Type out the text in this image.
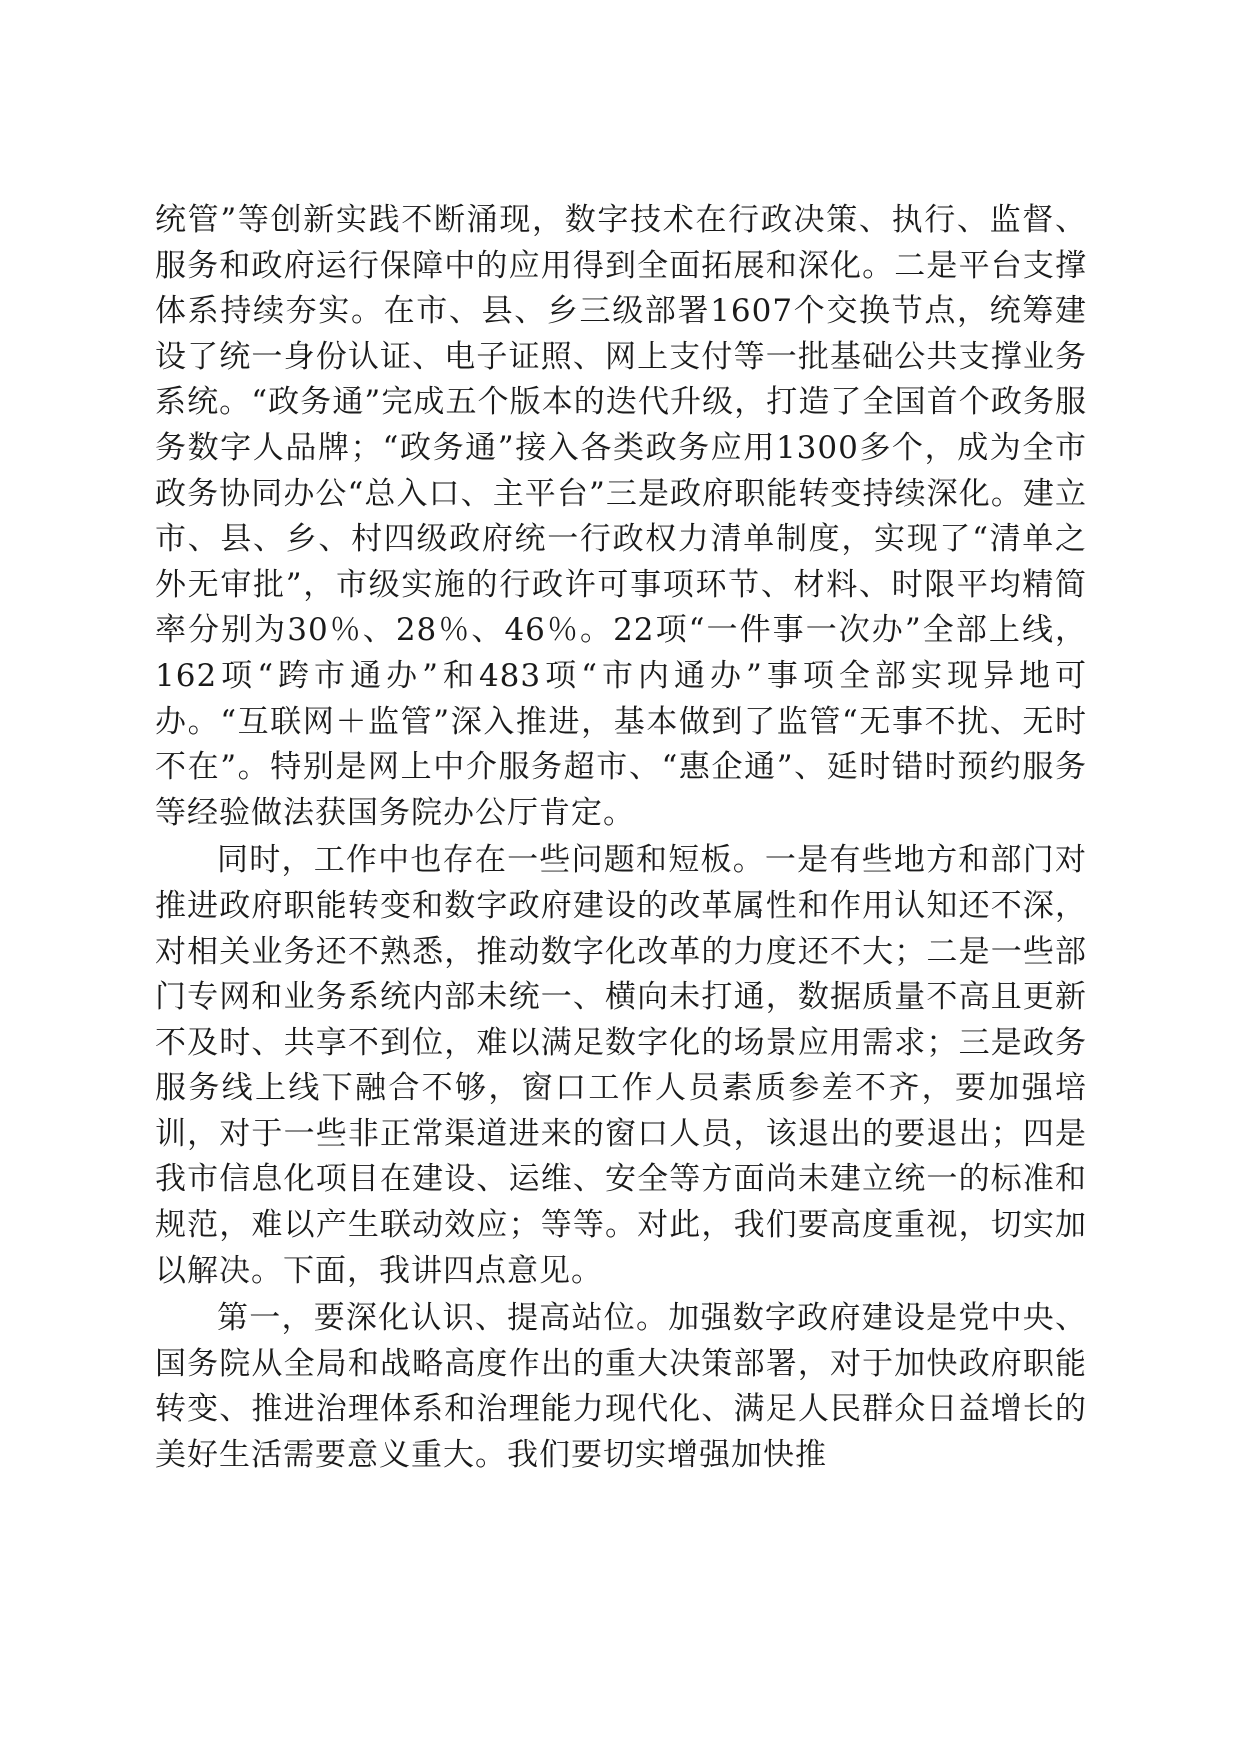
统管”等创新实践不断涌现，数字技术在行政决策、执行、监督、服务和政府运行保障中的应用得到全面拓展和深化。二是平台支撑体系持续夯实。在市、县、乡三级部署1607个交换节点，统筹建设了统一身份认证、电子证照、网上支付等一批基础公共支撑业务系统。“政务通”完成五个版本的迭代升级，打造了全国首个政务服务数字人品牌；“政务通”接入各类政务应用1300多个，成为全市政务协同办公“总入口、主平台”三是政府职能转变持续深化。建立市、县、乡、村四级政府统一行政权力清单制度，实现了“清单之外无审批”，市级实施的行政许可事项环节、材料、时限平均精简率分别为30％、28％、46％。22项“一件事一次办”全部上线，162项“跨市通办”和483项“市内通办”事项全部实现异地可办。“互联网＋监管”深入推进，基本做到了监管“无事不扰、无时不在”。特别是网上中介服务超市、“惠企通”、延时错时预约服务等经验做法获国务院办公厅肯定。

同时，工作中也存在一些问题和短板。一是有些地方和部门对推进政府职能转变和数字政府建设的改革属性和作用认知还不深，对相关业务还不熟悉，推动数字化改革的力度还不大；二是一些部门专网和业务系统内部未统一、横向未打通，数据质量不高且更新不及时、共享不到位，难以满足数字化的场景应用需求；三是政务服务线上线下融合不够，窗口工作人员素质参差不齐，要加强培训，对于一些非正常渠道进来的窗口人员，该退出的要退出；四是我市信息化项目在建设、运维、安全等方面尚未建立统一的标准和规范，难以产生联动效应；等等。对此，我们要高度重视，切实加以解决。下面，我讲四点意见。

第一，要深化认识、提高站位。加强数字政府建设是党中央、国务院从全局和战略高度作出的重大决策部署，对于加快政府职能转变、推进治理体系和治理能力现代化、满足人民群众日益增长的美好生活需要意义重大。我们要切实增强加快推
